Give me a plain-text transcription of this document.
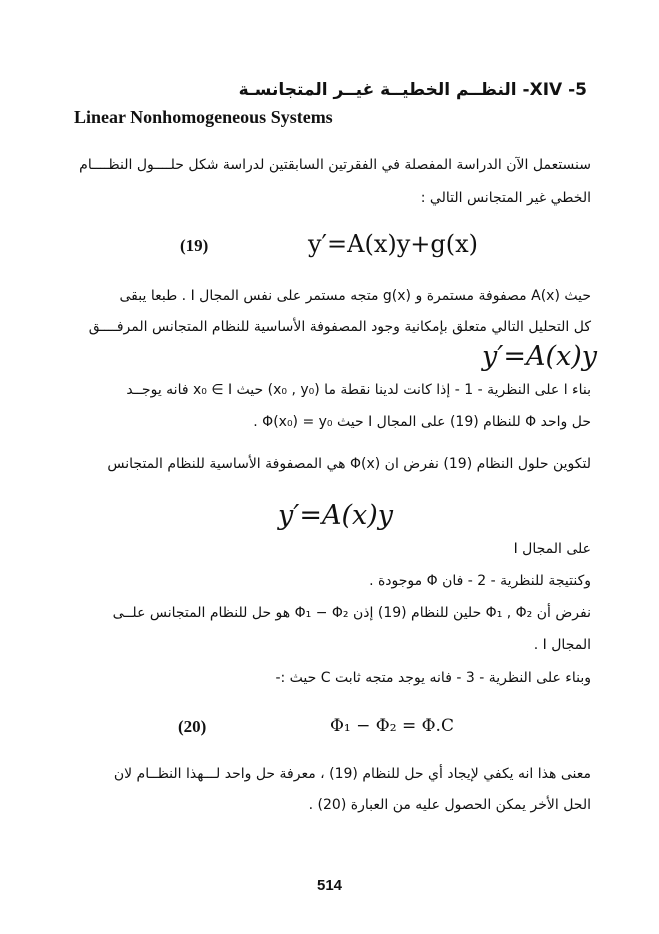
XIV -5- النظــم الخطيــة غيــر المتجانسـة
Linear Nonhomogeneous Systems
سنستعمل الآن الدراسة المفصلة في الفقرتين السابقتين لدراسة شكل حلــــول النظــــام
الخطي غير المتجانس التالي :
(19)	y′=A(x)y+g(x)
حيث A(x) مصفوفة مستمرة و g(x) متجه مستمر على نفس المجال I . طبعا يبقى
كل التحليل التالي متعلق بإمكانية وجود المصفوفة الأساسية للنظام المتجانس المرفــــق
y′=A(x)y
بناء ا على النظرية - 1 - إذا كانت لدينا نقطة ما (x₀ , y₀) حيث x₀ ∈ I فانه يوجــد
حل واحد Φ للنظام (19) على المجال I حيث Φ(x₀) = y₀ .
لتكوين حلول النظام (19) نفرض ان Φ(x) هي المصفوفة الأساسية للنظام المتجانس
y′=A(x)y
على المجال I
وكنتيجة للنظرية - 2 - فان Φ موجودة .
نفرض أن Φ₁ , Φ₂ حلين للنظام (19) إذن Φ₁ − Φ₂ هو حل للنظام المتجانس علــى
المجال I .
وبناء على النظرية - 3 - فانه يوجد متجه ثابت C حيث :-
(20)	Φ₁ − Φ₂ = Φ.C
معنى هذا انه يكفي لإيجاد أي حل للنظام (19) ، معرفة حل واحد لـــهذا النظــام لان
الحل الأخر يمكن الحصول عليه من العبارة (20) .
514
